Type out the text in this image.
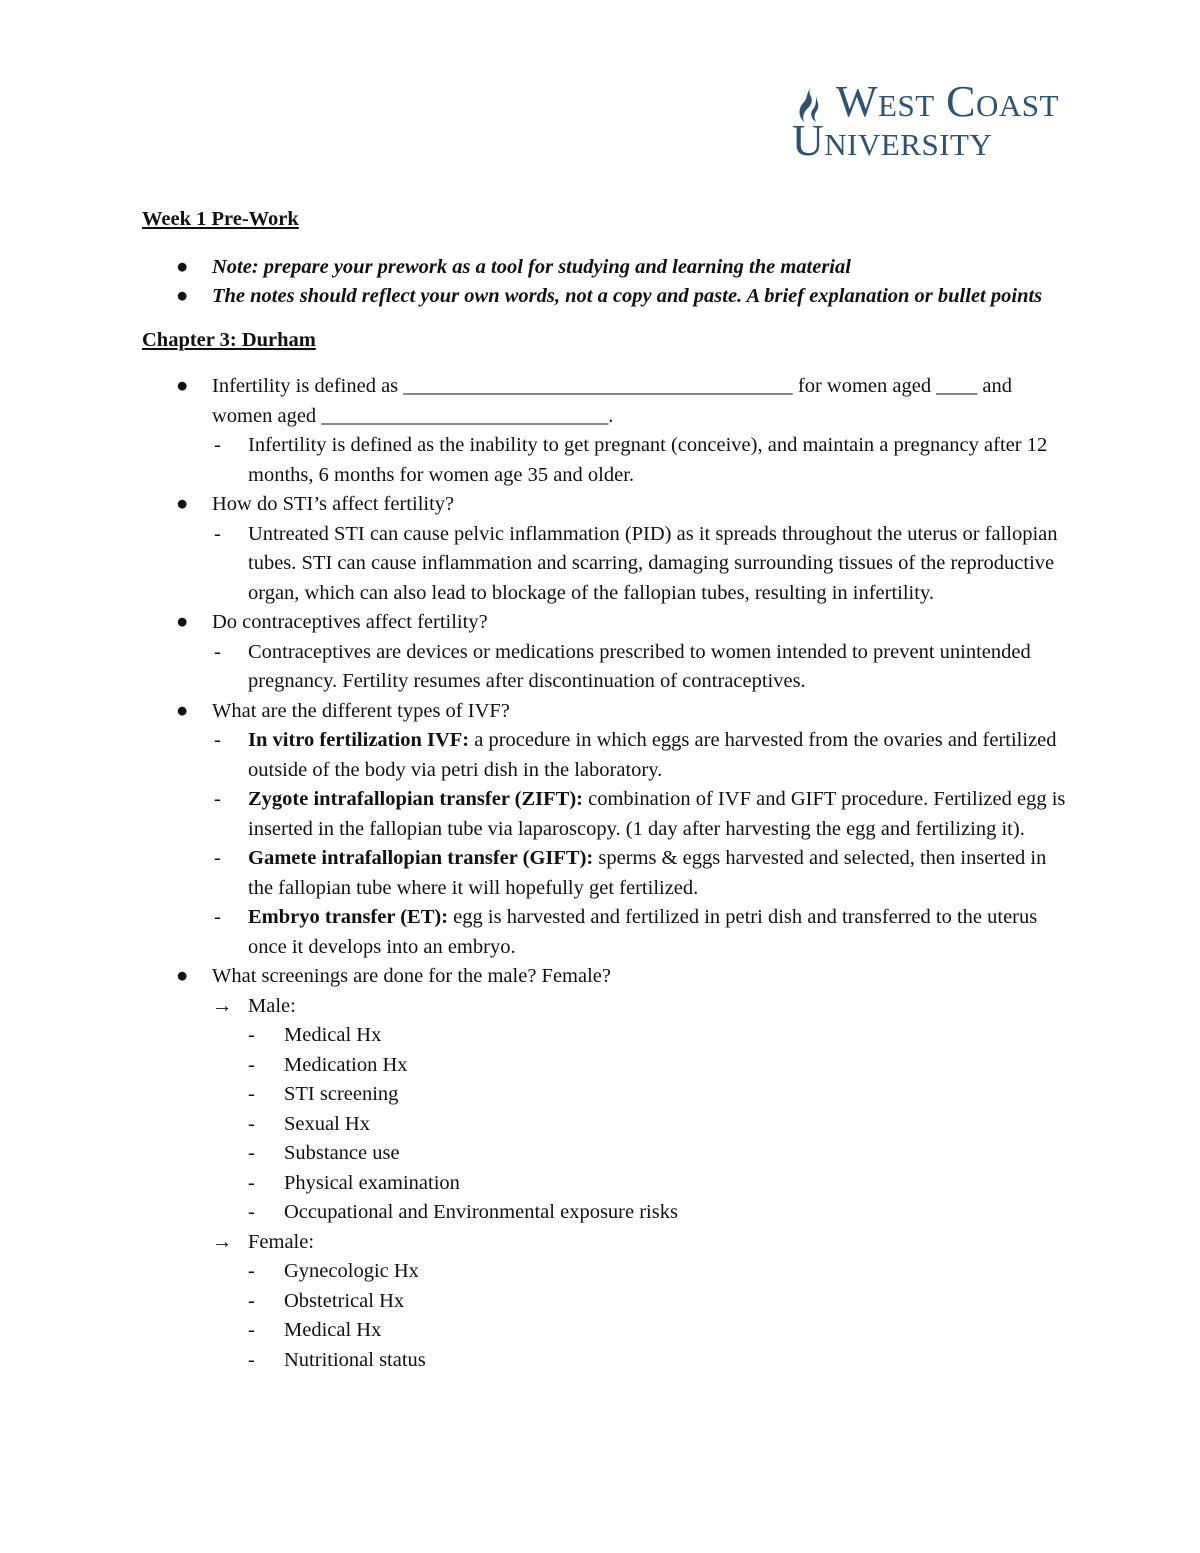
West Coast
University

Week 1 Pre-Work

● Note: prepare your prework as a tool for studying and learning the material
● The notes should reflect your own words, not a copy and paste. A brief explanation or bullet points

Chapter 3: Durham

● Infertility is defined as ______________________________________ for women aged ____ and women aged ____________________________.
- Infertility is defined as the inability to get pregnant (conceive), and maintain a pregnancy after 12 months, 6 months for women age 35 and older.
● How do STI’s affect fertility?
- Untreated STI can cause pelvic inflammation (PID) as it spreads throughout the uterus or fallopian tubes. STI can cause inflammation and scarring, damaging surrounding tissues of the reproductive organ, which can also lead to blockage of the fallopian tubes, resulting in infertility.
● Do contraceptives affect fertility?
- Contraceptives are devices or medications prescribed to women intended to prevent unintended pregnancy. Fertility resumes after discontinuation of contraceptives.
● What are the different types of IVF?
- In vitro fertilization IVF: a procedure in which eggs are harvested from the ovaries and fertilized outside of the body via petri dish in the laboratory.
- Zygote intrafallopian transfer (ZIFT): combination of IVF and GIFT procedure. Fertilized egg is inserted in the fallopian tube via laparoscopy. (1 day after harvesting the egg and fertilizing it).
- Gamete intrafallopian transfer (GIFT): sperms & eggs harvested and selected, then inserted in the fallopian tube where it will hopefully get fertilized.
- Embryo transfer (ET): egg is harvested and fertilized in petri dish and transferred to the uterus once it develops into an embryo.
● What screenings are done for the male? Female?
→ Male:
- Medical Hx
- Medication Hx
- STI screening
- Sexual Hx
- Substance use
- Physical examination
- Occupational and Environmental exposure risks
→ Female:
- Gynecologic Hx
- Obstetrical Hx
- Medical Hx
- Nutritional status
